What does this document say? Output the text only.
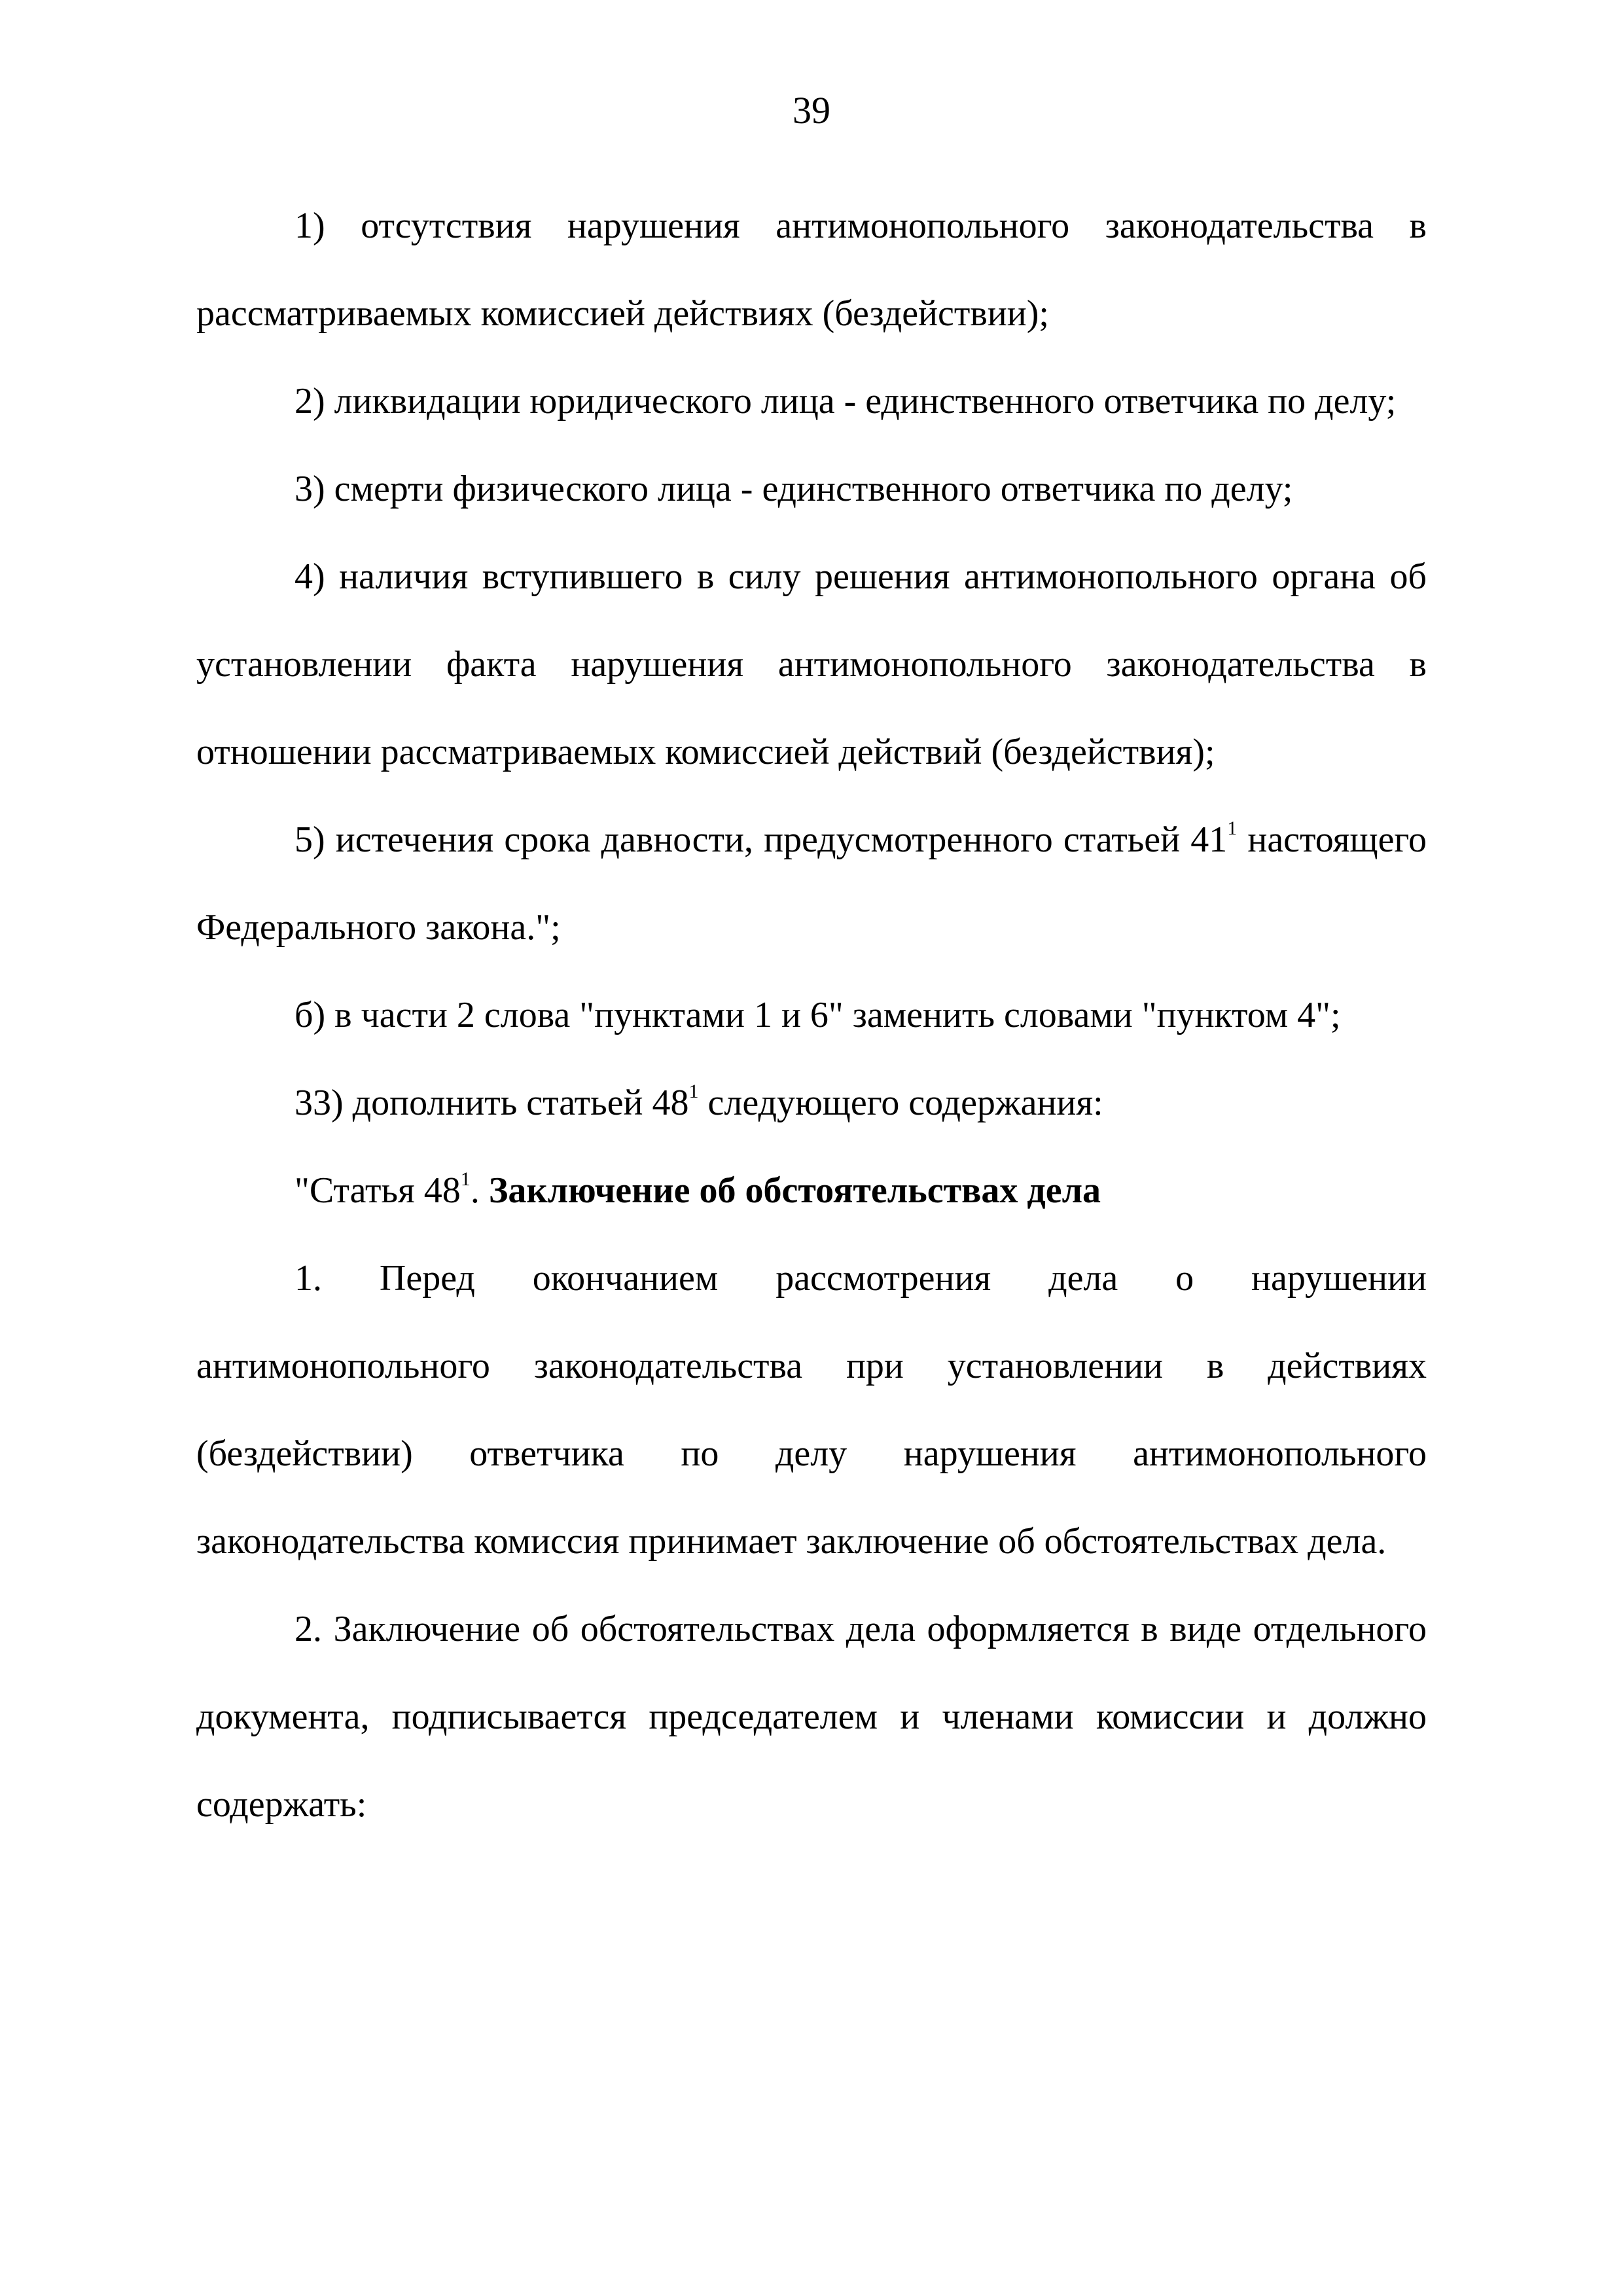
39

1) отсутствия нарушения антимонопольного законодательства в рассматриваемых комиссией действиях (бездействии);

2) ликвидации юридического лица - единственного ответчика по делу;

3) смерти физического лица - единственного ответчика по делу;

4) наличия вступившего в силу решения антимонопольного органа об установлении факта нарушения антимонопольного законодательства в отношении рассматриваемых комиссией действий (бездействия);

5) истечения срока давности, предусмотренного статьей $41^1$ настоящего Федерального закона.";

б) в части 2 слова "пунктами 1 и 6" заменить словами "пунктом 4";

33) дополнить статьей $48^1$ следующего содержания:

"Статья $48^1$. Заключение об обстоятельствах дела

1. Перед окончанием рассмотрения дела о нарушении антимонопольного законодательства при установлении в действиях (бездействии) ответчика по делу нарушения антимонопольного законодательства комиссия принимает заключение об обстоятельствах дела.

2. Заключение об обстоятельствах дела оформляется в виде отдельного документа, подписывается председателем и членами комиссии и должно содержать:
